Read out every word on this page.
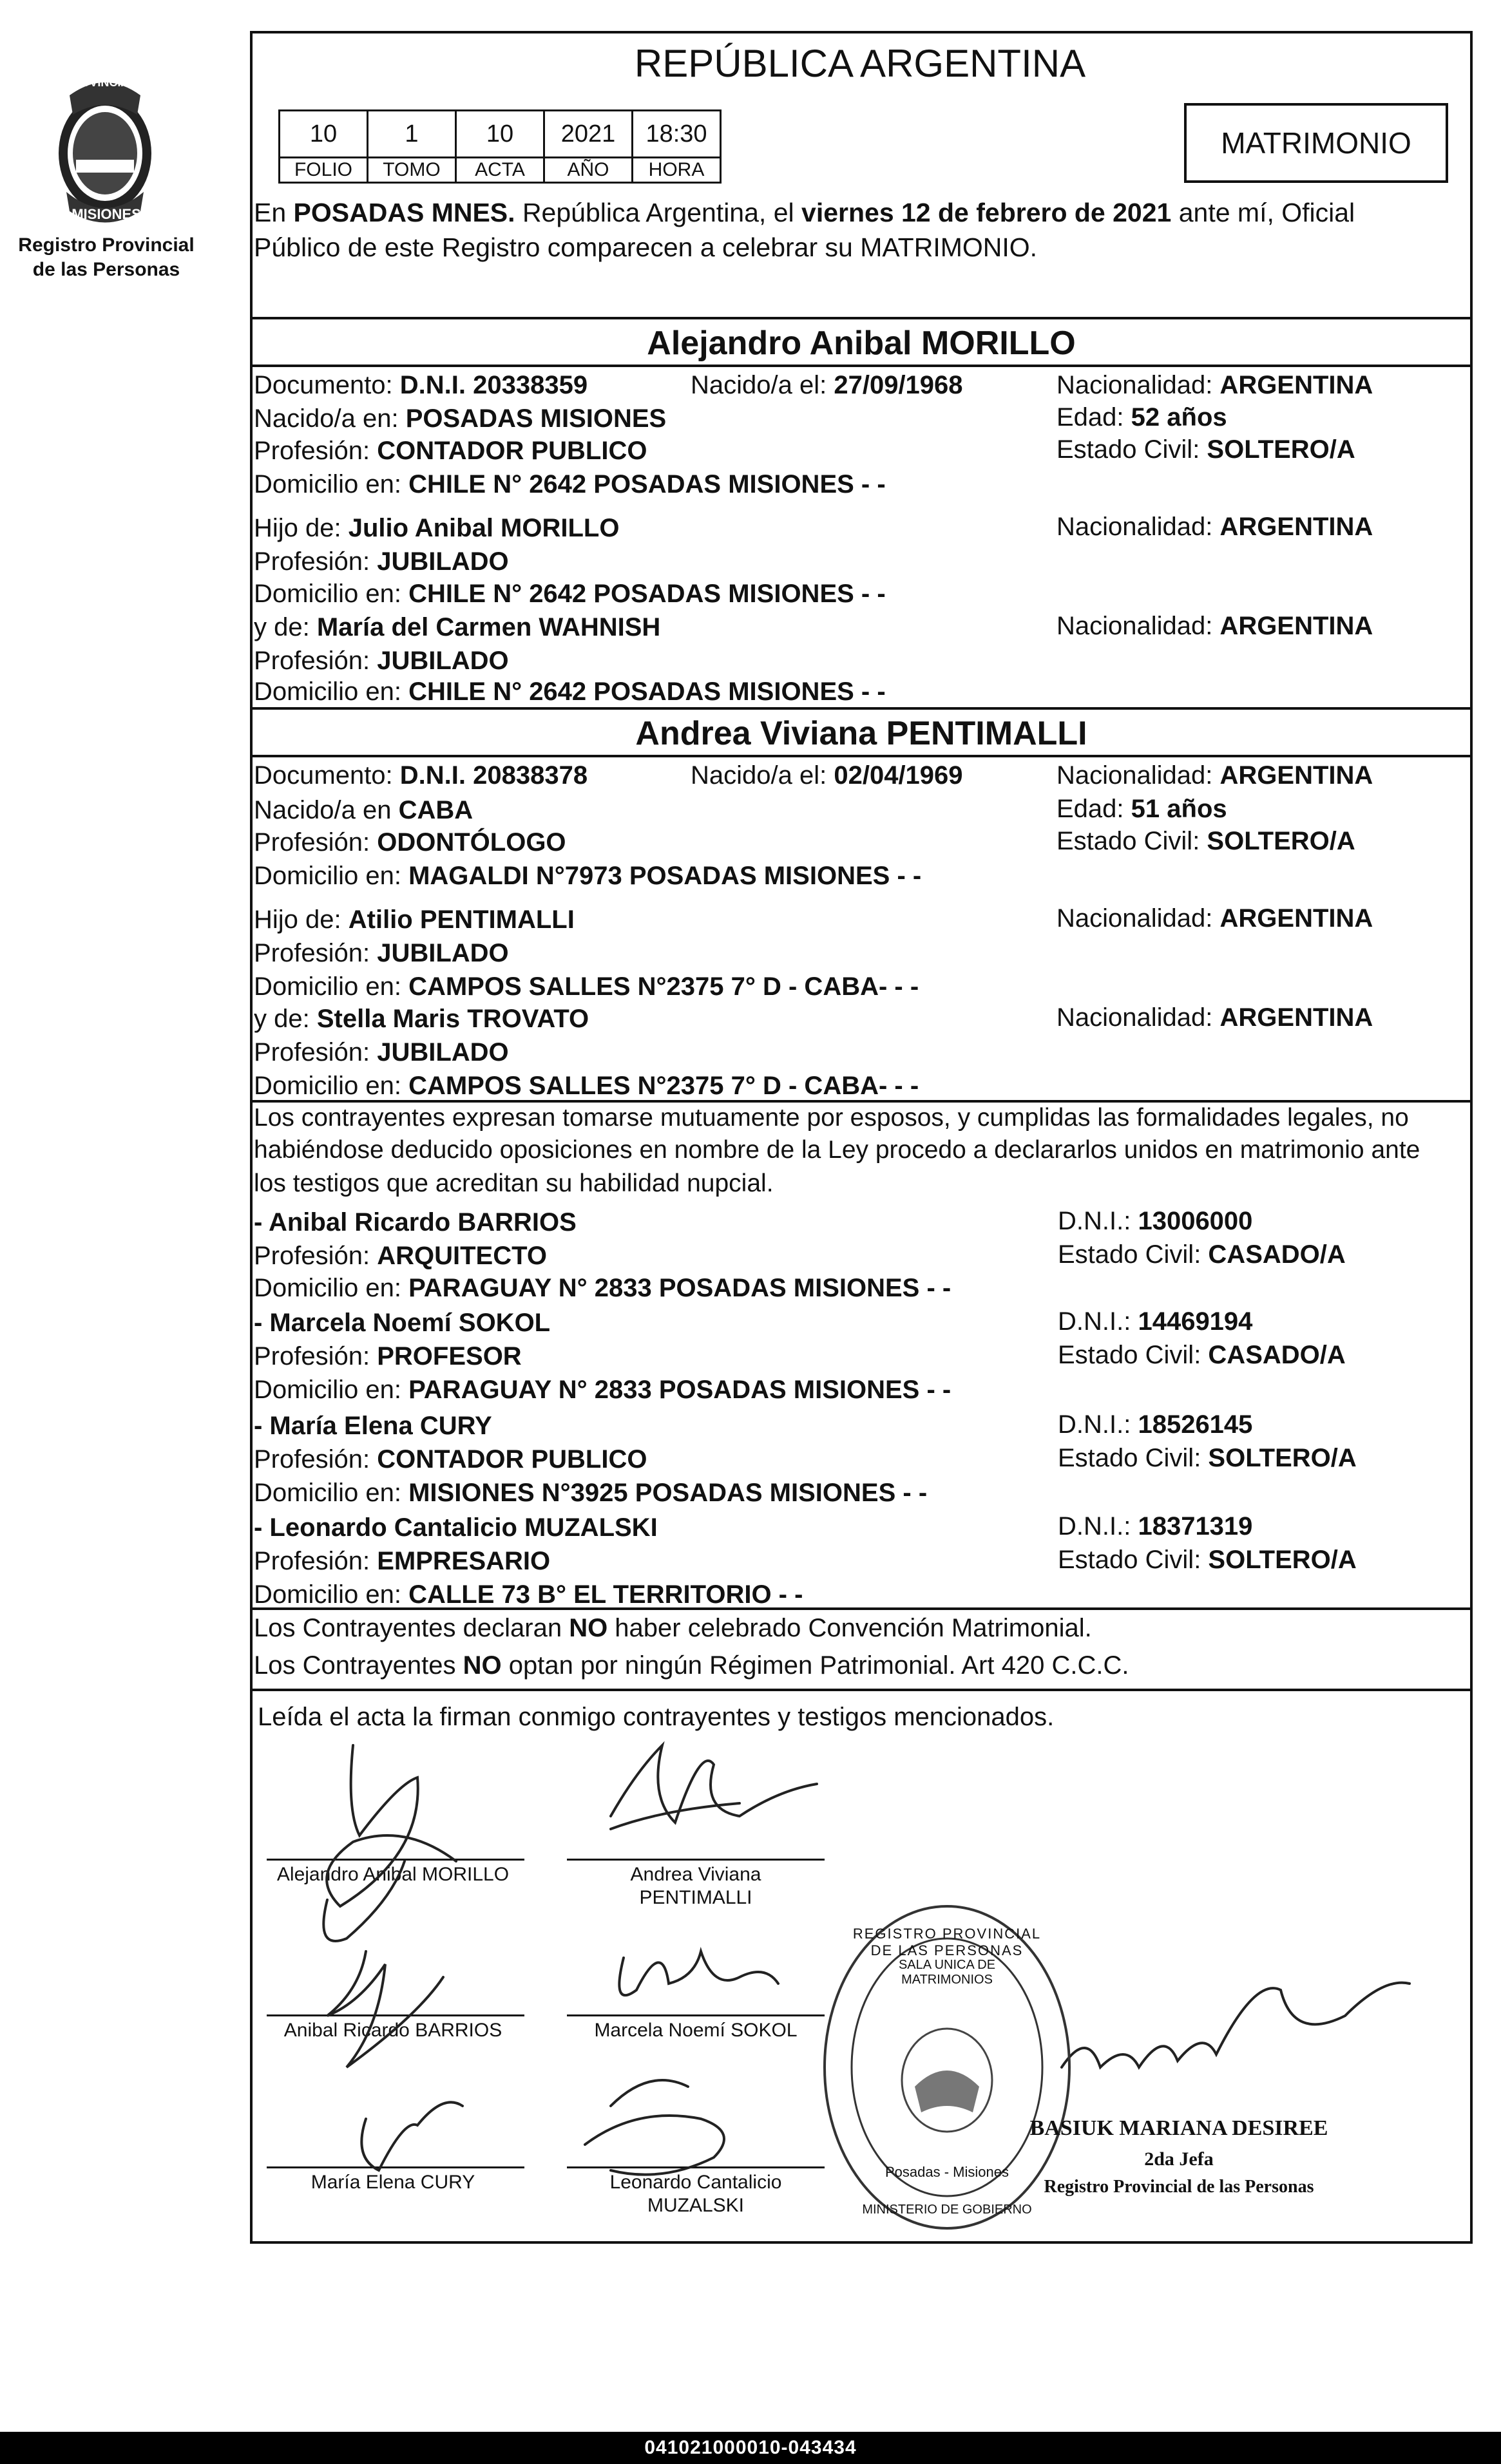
PROVINCIA DE
MISIONES
Registro Provincial
de las Personas
REPÚBLICA ARGENTINA
10	1	10	2021	18:30
FOLIO	TOMO	ACTA	AÑO	HORA
MATRIMONIO
En POSADAS MNES. República Argentina, el viernes 12 de febrero de 2021 ante mí, Oficial
Público de este Registro comparecen a celebrar su MATRIMONIO.
Alejandro Anibal MORILLO
Documento: D.N.I. 20338359	Nacido/a el: 27/09/1968	Nacionalidad: ARGENTINA
Nacido/a en: POSADAS MISIONES	Edad: 52 años
Profesión: CONTADOR PUBLICO	Estado Civil: SOLTERO/A
Domicilio en: CHILE N° 2642 POSADAS MISIONES - -
Hijo de: Julio Anibal MORILLO	Nacionalidad: ARGENTINA
Profesión: JUBILADO
Domicilio en: CHILE N° 2642 POSADAS MISIONES - -
y de: María del Carmen WAHNISH	Nacionalidad: ARGENTINA
Profesión: JUBILADO
Domicilio en: CHILE N° 2642 POSADAS MISIONES - -
Andrea Viviana PENTIMALLI
Documento: D.N.I. 20838378	Nacido/a el: 02/04/1969	Nacionalidad: ARGENTINA
Nacido/a en CABA	Edad: 51 años
Profesión: ODONTÓLOGO	Estado Civil: SOLTERO/A
Domicilio en: MAGALDI N°7973 POSADAS MISIONES - -
Hijo de: Atilio PENTIMALLI	Nacionalidad: ARGENTINA
Profesión: JUBILADO
Domicilio en: CAMPOS SALLES N°2375 7° D - CABA- - -
y de: Stella Maris TROVATO	Nacionalidad: ARGENTINA
Profesión: JUBILADO
Domicilio en: CAMPOS SALLES N°2375 7° D - CABA- - -
Los contrayentes expresan tomarse mutuamente por esposos, y cumplidas las formalidades legales, no
habiéndose deducido oposiciones en nombre de la Ley procedo a declararlos unidos en matrimonio ante
los testigos que acreditan su habilidad nupcial.
- Anibal Ricardo BARRIOS	D.N.I.: 13006000
Profesión: ARQUITECTO	Estado Civil: CASADO/A
Domicilio en: PARAGUAY N° 2833 POSADAS MISIONES - -
- Marcela Noemí SOKOL	D.N.I.: 14469194
Profesión: PROFESOR	Estado Civil: CASADO/A
Domicilio en: PARAGUAY N° 2833 POSADAS MISIONES - -
- María Elena CURY	D.N.I.: 18526145
Profesión: CONTADOR PUBLICO	Estado Civil: SOLTERO/A
Domicilio en: MISIONES N°3925 POSADAS MISIONES - -
- Leonardo Cantalicio MUZALSKI	D.N.I.: 18371319
Profesión: EMPRESARIO	Estado Civil: SOLTERO/A
Domicilio en: CALLE 73 B° EL TERRITORIO - -
Los Contrayentes declaran NO haber celebrado Convención Matrimonial.
Los Contrayentes NO optan por ningún Régimen Patrimonial. Art 420 C.C.C.
Leída el acta la firman conmigo contrayentes y testigos mencionados.
Alejandro Anibal MORILLO	Andrea Viviana
PENTIMALLI
Anibal Ricardo BARRIOS	Marcela Noemí SOKOL
María Elena CURY	Leonardo Cantalicio
MUZALSKI
REGISTRO PROVINCIAL DE LAS PERSONAS
SALA UNICA DE MATRIMONIOS
Posadas - Misiones
MINISTERIO DE GOBIERNO
BASIUK MARIANA DESIREE
2da Jefa
Registro Provincial de las Personas
041021000010-043434
